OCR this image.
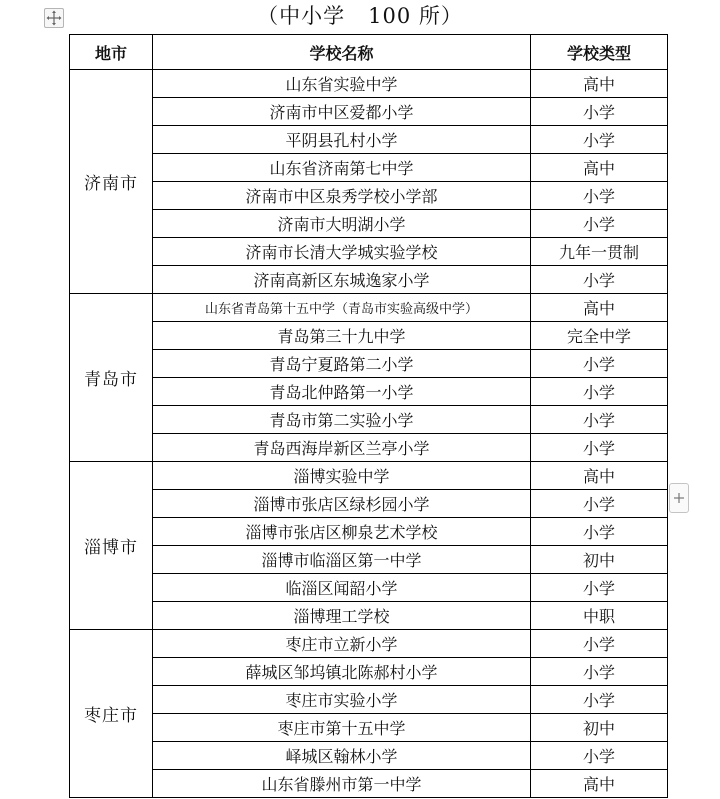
（中小学   100 所）
地市	学校名称	学校类型
济南市	山东省实验中学	高中
	济南市中区爱都小学	小学
	平阴县孔村小学	小学
	山东省济南第七中学	高中
	济南市中区泉秀学校小学部	小学
	济南市大明湖小学	小学
	济南市长清大学城实验学校	九年一贯制
	济南高新区东城逸家小学	小学
青岛市	山东省青岛第十五中学（青岛市实验高级中学）	高中
	青岛第三十九中学	完全中学
	青岛宁夏路第二小学	小学
	青岛北仲路第一小学	小学
	青岛市第二实验小学	小学
	青岛西海岸新区兰亭小学	小学
淄博市	淄博实验中学	高中
	淄博市张店区绿杉园小学	小学
	淄博市张店区柳泉艺术学校	小学
	淄博市临淄区第一中学	初中
	临淄区闻韶小学	小学
	淄博理工学校	中职
枣庄市	枣庄市立新小学	小学
	薛城区邹坞镇北陈郝村小学	小学
	枣庄市实验小学	小学
	枣庄市第十五中学	初中
	峄城区翰林小学	小学
	山东省滕州市第一中学	高中
